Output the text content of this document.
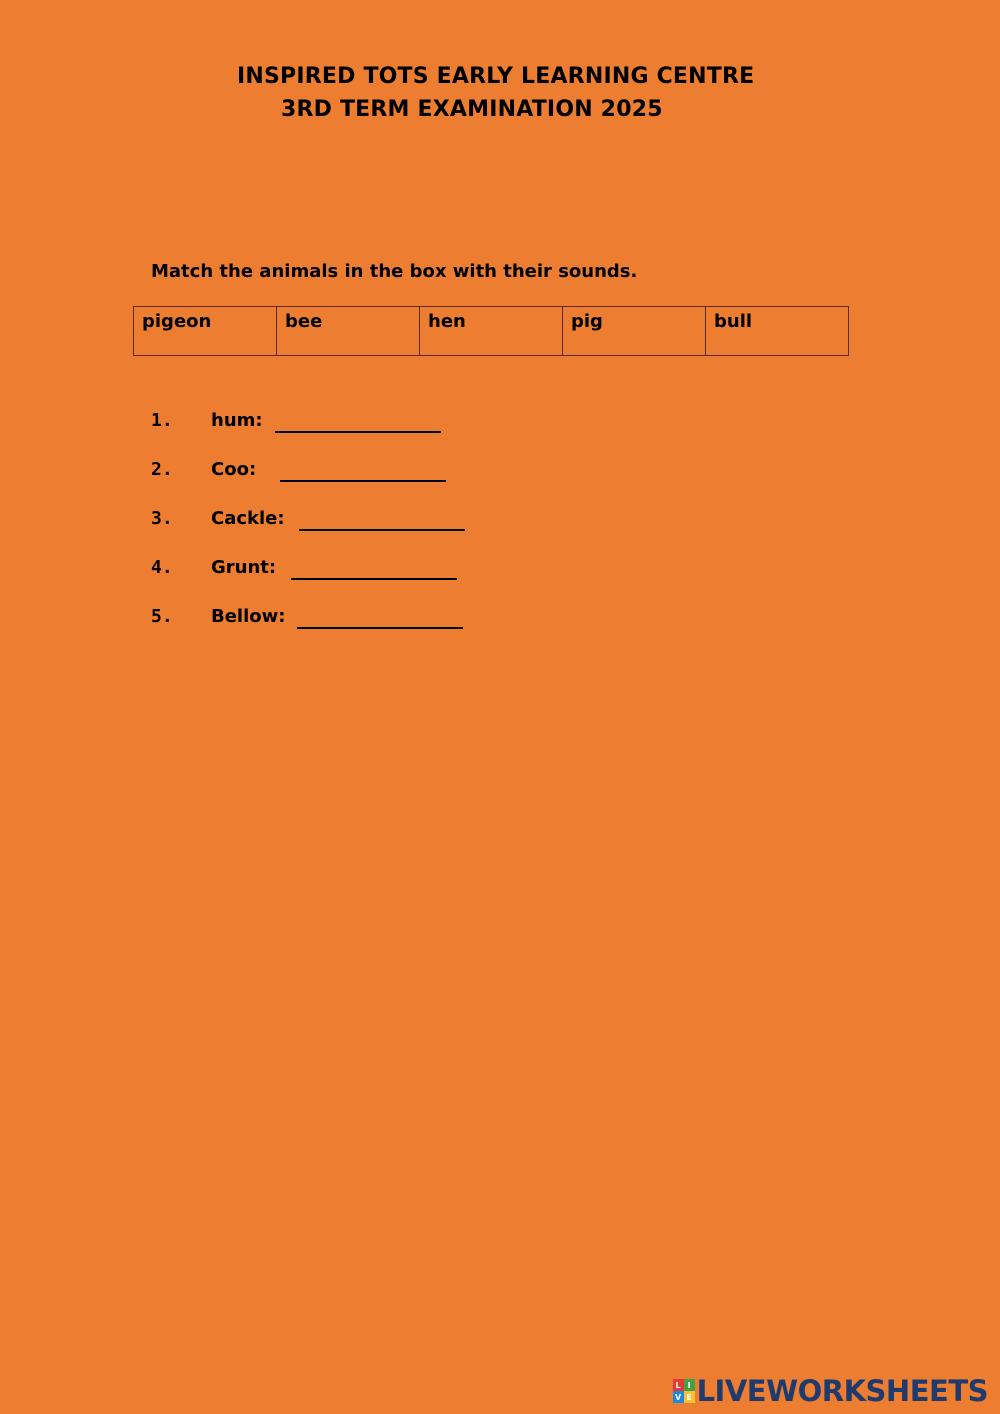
INSPIRED TOTS EARLY LEARNING CENTRE
3RD TERM EXAMINATION 2025
Match the animals in the box with their sounds.
pigeon	bee	hen	pig	bull
1. hum:
2. Coo:
3. Cackle:
4. Grunt:
5. Bellow:
L I
V E LIVEWORKSHEETS
